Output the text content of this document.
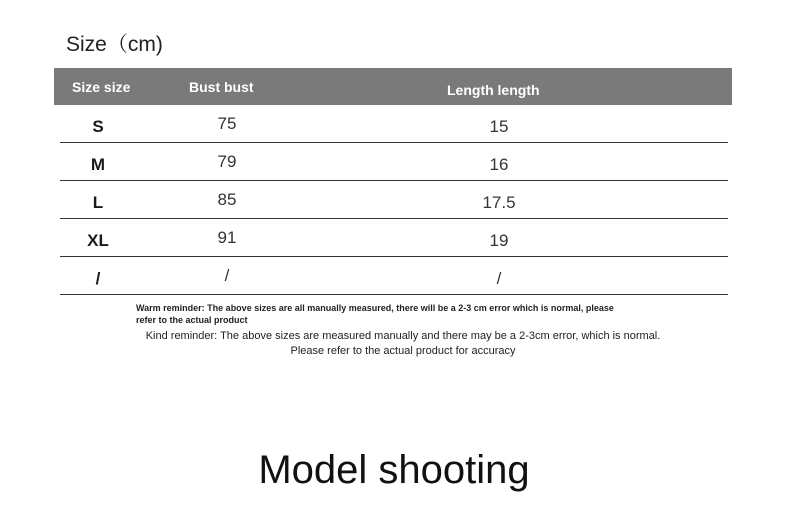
Size（cm)
Size size	Bust bust	Length length
S	75	15
M	79	16
L	85	17.5
XL	91	19
/	/	/
Warm reminder: The above sizes are all manually measured, there will be a 2-3 cm error which is normal, please
refer to the actual product
Kind reminder: The above sizes are measured manually and there may be a 2-3cm error, which is normal.
Please refer to the actual product for accuracy
Model shooting
